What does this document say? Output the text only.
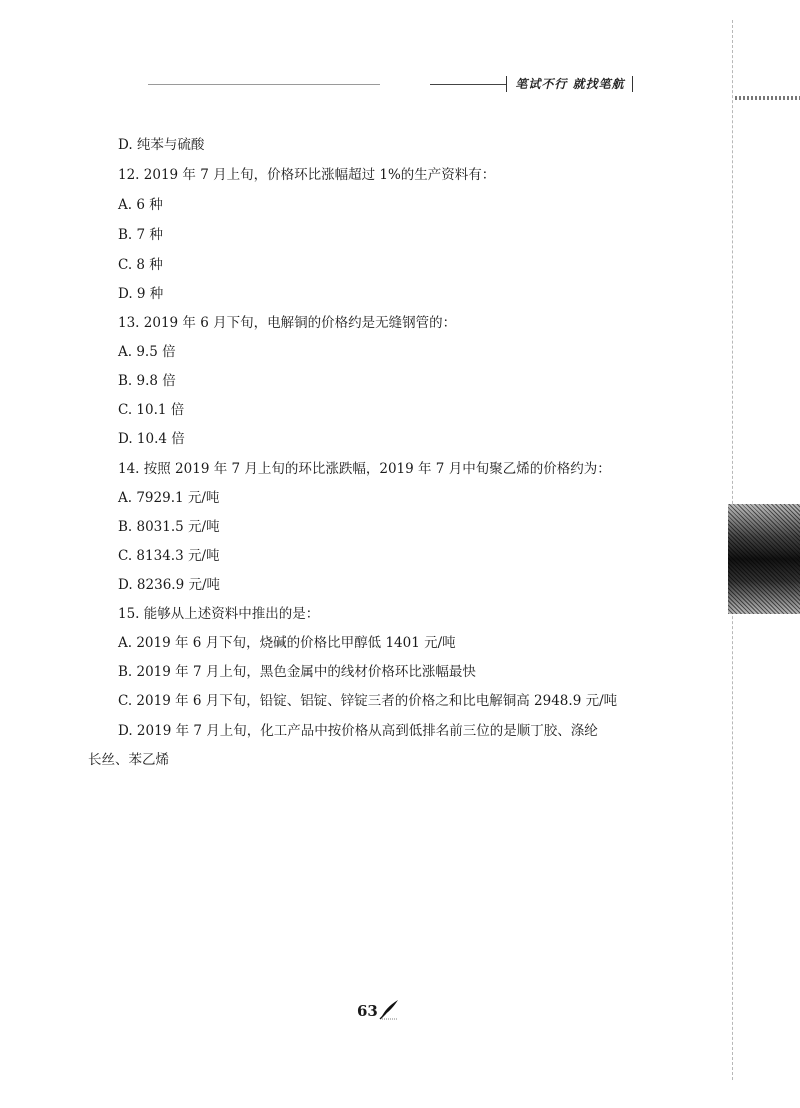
笔试不行 就找笔航
D. 纯苯与硫酸
12. 2019 年 7 月上旬，价格环比涨幅超过 1%的生产资料有：
A. 6 种
B. 7 种
C. 8 种
D. 9 种
13. 2019 年 6 月下旬，电解铜的价格约是无缝钢管的：
A. 9.5 倍
B. 9.8 倍
C. 10.1 倍
D. 10.4 倍
14. 按照 2019 年 7 月上旬的环比涨跌幅，2019 年 7 月中旬聚乙烯的价格约为：
A. 7929.1 元/吨
B. 8031.5 元/吨
C. 8134.3 元/吨
D. 8236.9 元/吨
15. 能够从上述资料中推出的是：
A. 2019 年 6 月下旬，烧碱的价格比甲醇低 1401 元/吨
B. 2019 年 7 月上旬，黑色金属中的线材价格环比涨幅最快
C. 2019 年 6 月下旬，铅锭、铝锭、锌锭三者的价格之和比电解铜高 2948.9 元/吨
D. 2019 年 7 月上旬，化工产品中按价格从高到低排名前三位的是顺丁胶、涤纶
长丝、苯乙烯
63
